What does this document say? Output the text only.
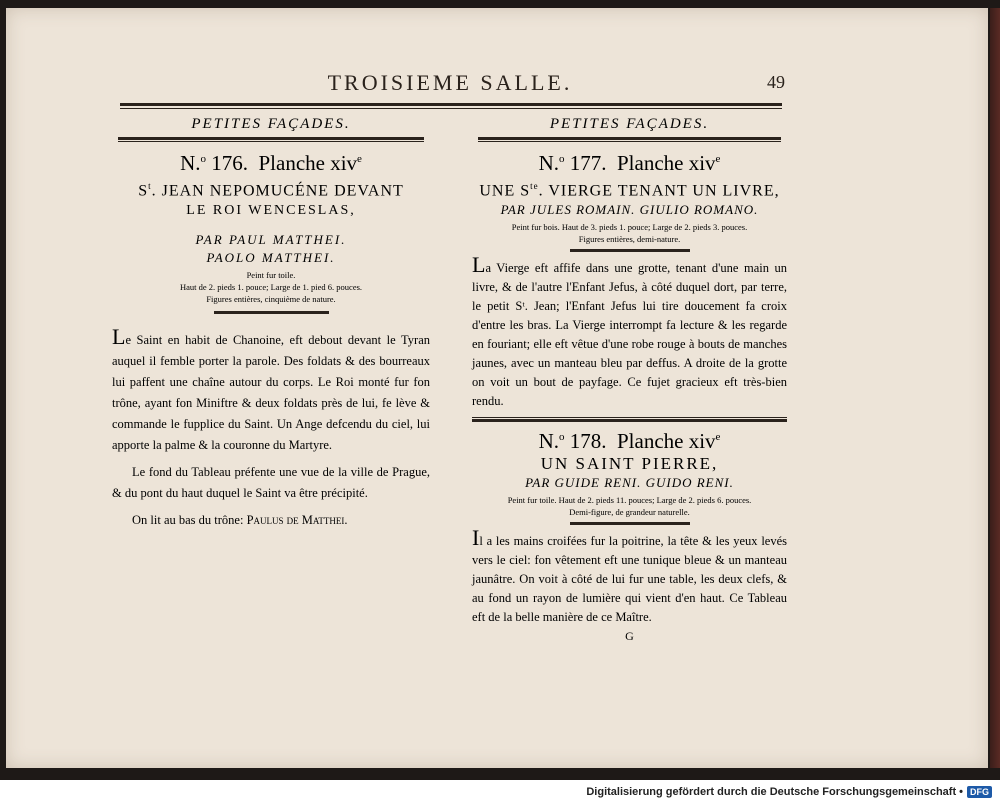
TROISIEME SALLE.	49
PETITES FAÇADES.
N.$^o$ 176. Planche xiv$^e$
$S^t$. JEAN NEPOMUCÉNE DEVANT
LE ROI WENCESLAS,
PAR PAUL MATTHEI.
PAOLO MATTHEI.
Peint fur toile.
Haut de 2. pieds 1. pouce; Large de 1. pied 6. pouces.
Figures entières, cinquième de nature.

Le Saint en habit de Chanoine, eft debout devant le Tyran auquel il femble porter la parole. Des foldats & des bourreaux lui paffent une chaîne autour du corps. Le Roi monté fur fon trône, ayant fon Miniftre & deux foldats près de lui, fe lève & commande le fupplice du Saint. Un Ange defcendu du ciel, lui apporte la palme & la couronne du Martyre.

Le fond du Tableau préfente une vue de la ville de Prague, & du pont du haut duquel le Saint va être précipité.

On lit au bas du trône: Paulus de Matthei.
PETITES FAÇADES.
N.$^o$ 177. Planche xiv$^e$
UNE $S^{te}$. VIERGE TENANT UN LIVRE,
PAR JULES ROMAIN. GIULIO ROMANO.
Peint fur bois. Haut de 3. pieds 1. pouce; Large de 2. pieds 3. pouces.
Figures entières, demi-nature.

La Vierge eft affife dans une grotte, tenant d'une main un livre, & de l'autre l'Enfant Jefus, à côté duquel dort, par terre, le petit Sᵗ. Jean; l'Enfant Jefus lui tire doucement fa croix d'entre les bras. La Vierge interrompt fa lecture & les regarde en fouriant; elle eft vêtue d'une robe rouge à bouts de manches jaunes, avec un manteau bleu par deffus. A droite de la grotte on voit un bout de payfage. Ce fujet gracieux eft très-bien rendu.

N.$^o$ 178. Planche xiv$^e$
UN SAINT PIERRE,
PAR GUIDE RENI. GUIDO RENI.
Peint fur toile. Haut de 2. pieds 11. pouces; Large de 2. pieds 6. pouces.
Demi-figure, de grandeur naturelle.

Il a les mains croifées fur la poitrine, la tête & les yeux levés vers le ciel: fon vêtement eft une tunique bleue & un manteau jaunâtre. On voit à côté de lui fur une table, les deux clefs, & au fond un rayon de lumière qui vient d'en haut. Ce Tableau eft de la belle manière de ce Maître.

G
Digitalisierung gefördert durch die Deutsche Forschungsgemeinschaft • DFG
